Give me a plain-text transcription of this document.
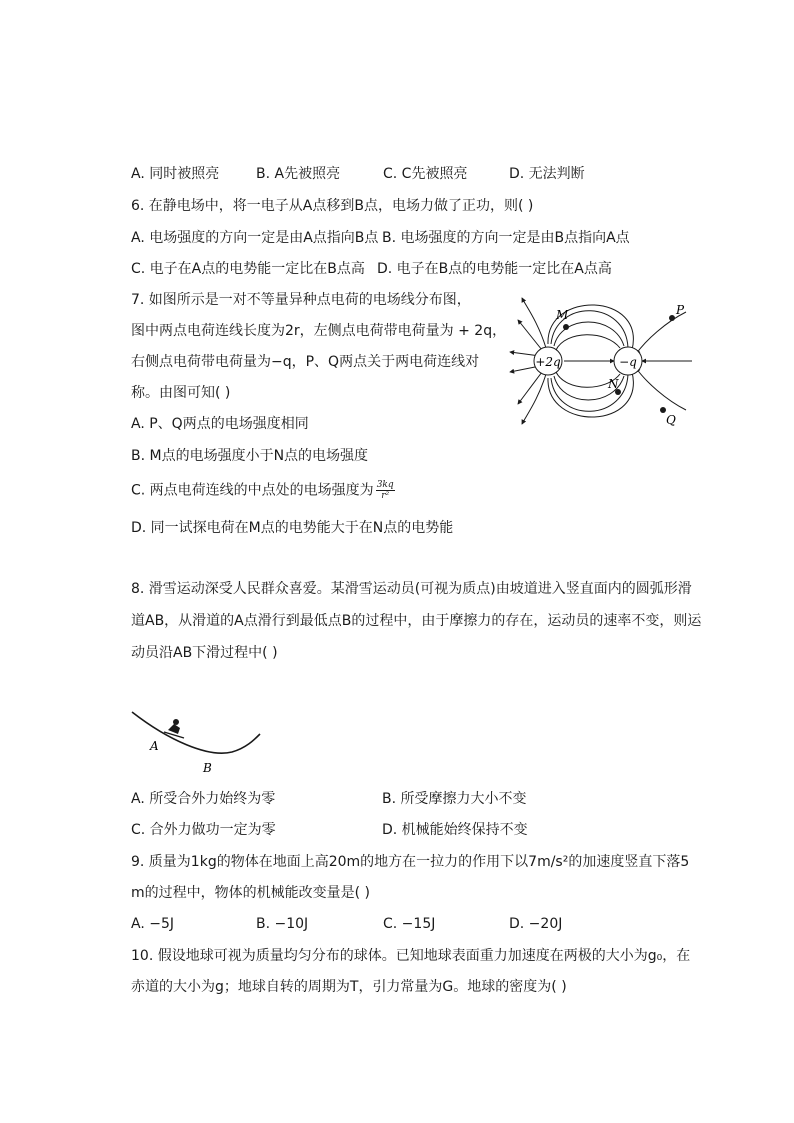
A. 同时被照亮	B. A先被照亮	C. C先被照亮	D. 无法判断
6. 在静电场中，将一电子从A点移到B点，电场力做了正功，则( )
A. 电场强度的方向一定是由A点指向B点 B. 电场强度的方向一定是由B点指向A点
C. 电子在A点的电势能一定比在B点高 D. 电子在B点的电势能一定比在A点高
7. 如图所示是一对不等量异种点电荷的电场线分布图，
图中两点电荷连线长度为2r，左侧点电荷带电荷量为 + 2q，
右侧点电荷带电荷量为−q，P、Q两点关于两电荷连线对
称。由图可知( )
+2q	−q
M
N
P
Q
A. P、Q两点的电场强度相同
B. M点的电场强度小于N点的电场强度
C. 两点电荷连线的中点处的电场强度为 $\frac{3kq}{\text{r²}}$
D. 同一试探电荷在M点的电势能大于在N点的电势能
8. 滑雪运动深受人民群众喜爱。某滑雪运动员(可视为质点)由坡道进入竖直面内的圆弧形滑
道AB，从滑道的A点滑行到最低点B的过程中，由于摩擦力的存在，运动员的速率不变，则运
动员沿AB下滑过程中( )
A
B
A. 所受合外力始终为零	B. 所受摩擦力大小不变
C. 合外力做功一定为零	D. 机械能始终保持不变
9. 质量为1kg的物体在地面上高20m的地方在一拉力的作用下以7m/s²的加速度竖直下落5
m的过程中，物体的机械能改变量是( )
A. −5J	B. −10J	C. −15J	D. −20J
10. 假设地球可视为质量均匀分布的球体。已知地球表面重力加速度在两极的大小为g₀，在
赤道的大小为g；地球自转的周期为T，引力常量为G。地球的密度为( )
